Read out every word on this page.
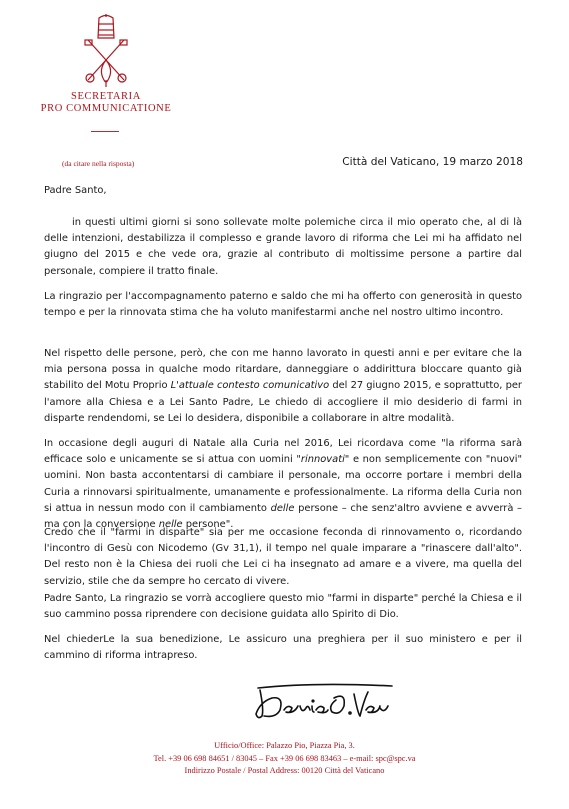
SECRETARIA
PRO COMMUNICATIONE
(da citare nella risposta)	Città del Vaticano, 19 marzo 2018
Padre Santo,

in questi ultimi giorni si sono sollevate molte polemiche circa il mio operato che, al di là delle intenzioni, destabilizza il complesso e grande lavoro di riforma che Lei mi ha affidato nel giugno del 2015 e che vede ora, grazie al contributo di moltissime persone a partire dal personale, compiere il tratto finale.

La ringrazio per l'accompagnamento paterno e saldo che mi ha offerto con generosità in questo tempo e per la rinnovata stima che ha voluto manifestarmi anche nel nostro ultimo incontro.

Nel rispetto delle persone, però, che con me hanno lavorato in questi anni e per evitare che la mia persona possa in qualche modo ritardare, danneggiare o addirittura bloccare quanto già stabilito del Motu Proprio L'attuale contesto comunicativo del 27 giugno 2015, e soprattutto, per l'amore alla Chiesa e a Lei Santo Padre, Le chiedo di accogliere il mio desiderio di farmi in disparte rendendomi, se Lei lo desidera, disponibile a collaborare in altre modalità.

In occasione degli auguri di Natale alla Curia nel 2016, Lei ricordava come "la riforma sarà efficace solo e unicamente se si attua con uomini "rinnovati" e non semplicemente con "nuovi" uomini. Non basta accontentarsi di cambiare il personale, ma occorre portare i membri della Curia a rinnovarsi spiritualmente, umanamente e professionalmente. La riforma della Curia non si attua in nessun modo con il cambiamento delle persone – che senz'altro avviene e avverrà – ma con la conversione nelle persone".

Credo che il "farmi in disparte" sia per me occasione feconda di rinnovamento o, ricordando l'incontro di Gesù con Nicodemo (Gv 31,1), il tempo nel quale imparare a "rinascere dall'alto". Del resto non è la Chiesa dei ruoli che Lei ci ha insegnato ad amare e a vivere, ma quella del servizio, stile che da sempre ho cercato di vivere.

Padre Santo, La ringrazio se vorrà accogliere questo mio "farmi in disparte" perché la Chiesa e il suo cammino possa riprendere con decisione guidata allo Spirito di Dio.

Nel chiederLe la sua benedizione, Le assicuro una preghiera per il suo ministero e per il cammino di riforma intrapreso.

Ufficio/Office: Palazzo Pio, Piazza Pia, 3.
Tel. +39 06 698 84651 / 83045 – Fax +39 06 698 83463 – e-mail: spc@spc.va
Indirizzo Postale / Postal Address: 00120 Città del Vaticano
